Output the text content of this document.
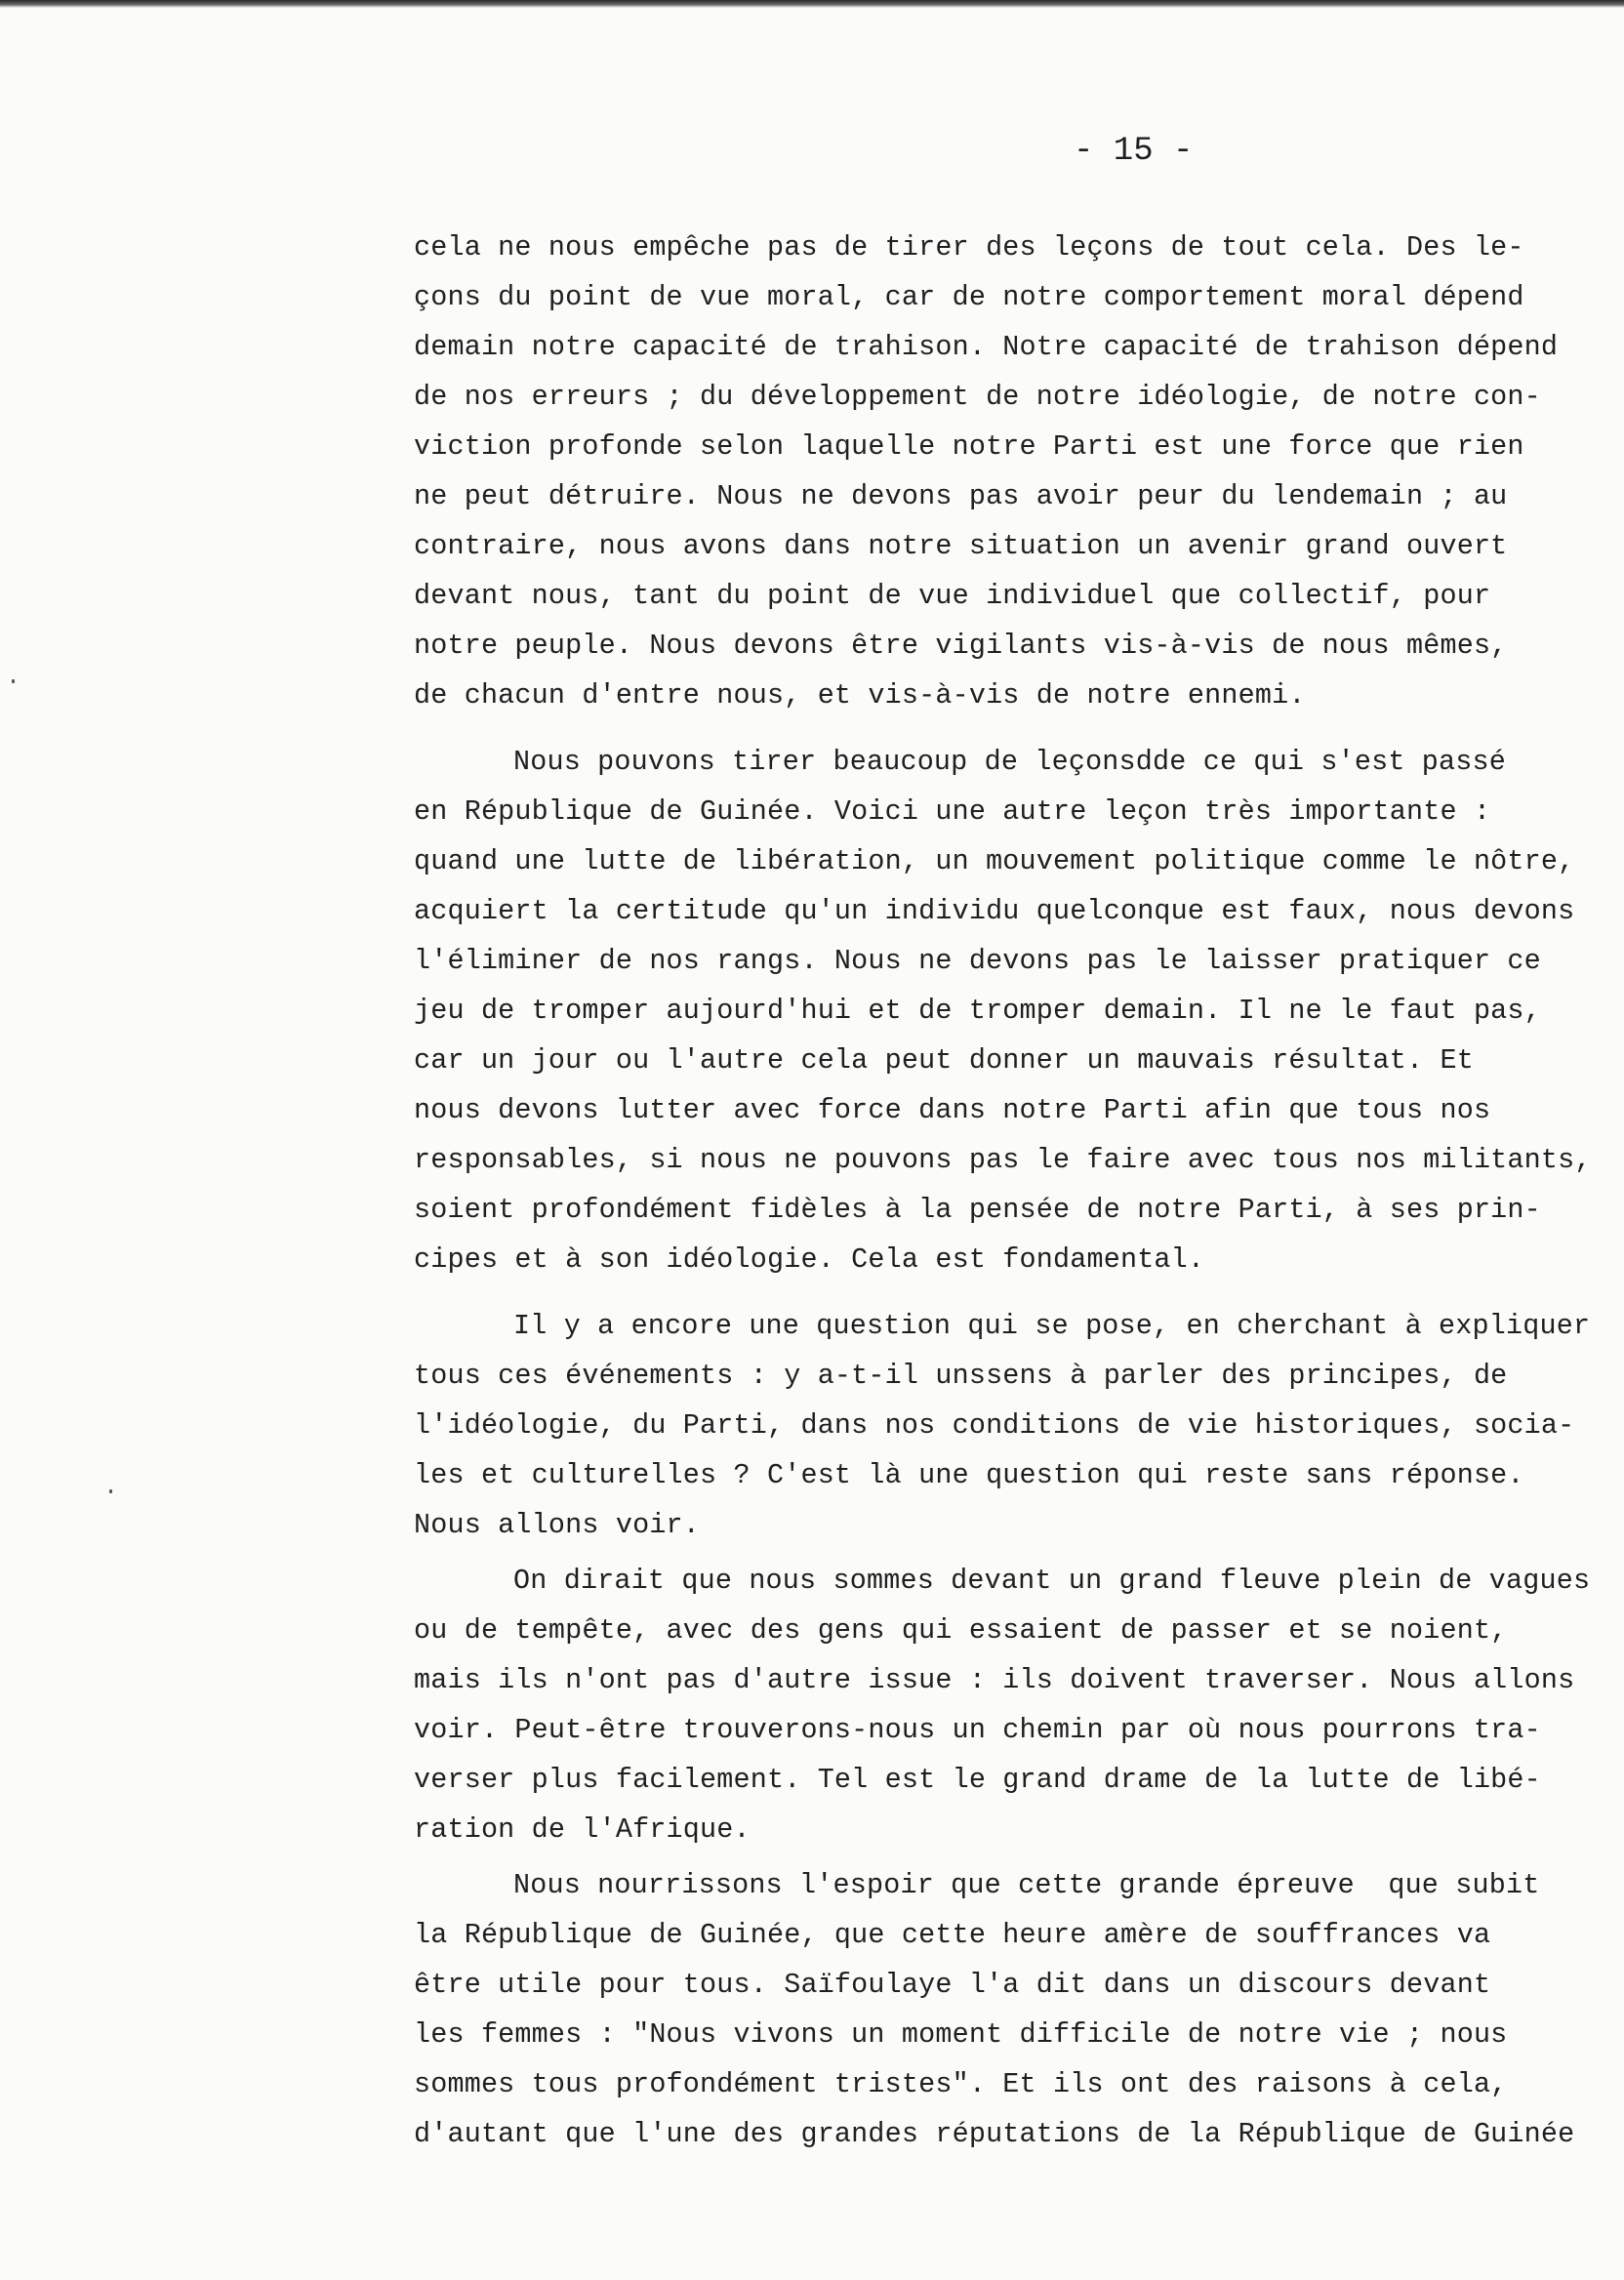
- 15 -

cela ne nous empêche pas de tirer des leçons de tout cela. Des le-
çons du point de vue moral, car de notre comportement moral dépend
demain notre capacité de trahison. Notre capacité de trahison dépend
de nos erreurs ; du développement de notre idéologie, de notre con-
viction profonde selon laquelle notre Parti est une force que rien
ne peut détruire. Nous ne devons pas avoir peur du lendemain ; au
contraire, nous avons dans notre situation un avenir grand ouvert
devant nous, tant du point de vue individuel que collectif, pour
notre peuple. Nous devons être vigilants vis-à-vis de nous mêmes,
de chacun d'entre nous, et vis-à-vis de notre ennemi.

Nous pouvons tirer beaucoup de leçonsdde ce qui s'est passé
en République de Guinée. Voici une autre leçon très importante :
quand une lutte de libération, un mouvement politique comme le nôtre,
acquiert la certitude qu'un individu quelconque est faux, nous devons
l'éliminer de nos rangs. Nous ne devons pas le laisser pratiquer ce
jeu de tromper aujourd'hui et de tromper demain. Il ne le faut pas,
car un jour ou l'autre cela peut donner un mauvais résultat. Et
nous devons lutter avec force dans notre Parti afin que tous nos
responsables, si nous ne pouvons pas le faire avec tous nos militants,
soient profondément fidèles à la pensée de notre Parti, à ses prin-
cipes et à son idéologie. Cela est fondamental.

Il y a encore une question qui se pose, en cherchant à expliquer
tous ces événements : y a-t-il unssens à parler des principes, de
l'idéologie, du Parti, dans nos conditions de vie historiques, socia-
les et culturelles ? C'est là une question qui reste sans réponse.
Nous allons voir.

On dirait que nous sommes devant un grand fleuve plein de vagues
ou de tempête, avec des gens qui essaient de passer et se noient,
mais ils n'ont pas d'autre issue : ils doivent traverser. Nous allons
voir. Peut-être trouverons-nous un chemin par où nous pourrons tra-
verser plus facilement. Tel est le grand drame de la lutte de libé-
ration de l'Afrique.

Nous nourrissons l'espoir que cette grande épreuve  que subit
la République de Guinée, que cette heure amère de souffrances va
être utile pour tous. Saïfoulaye l'a dit dans un discours devant
les femmes : "Nous vivons un moment difficile de notre vie ; nous
sommes tous profondément tristes". Et ils ont des raisons à cela,
d'autant que l'une des grandes réputations de la République de Guinée
